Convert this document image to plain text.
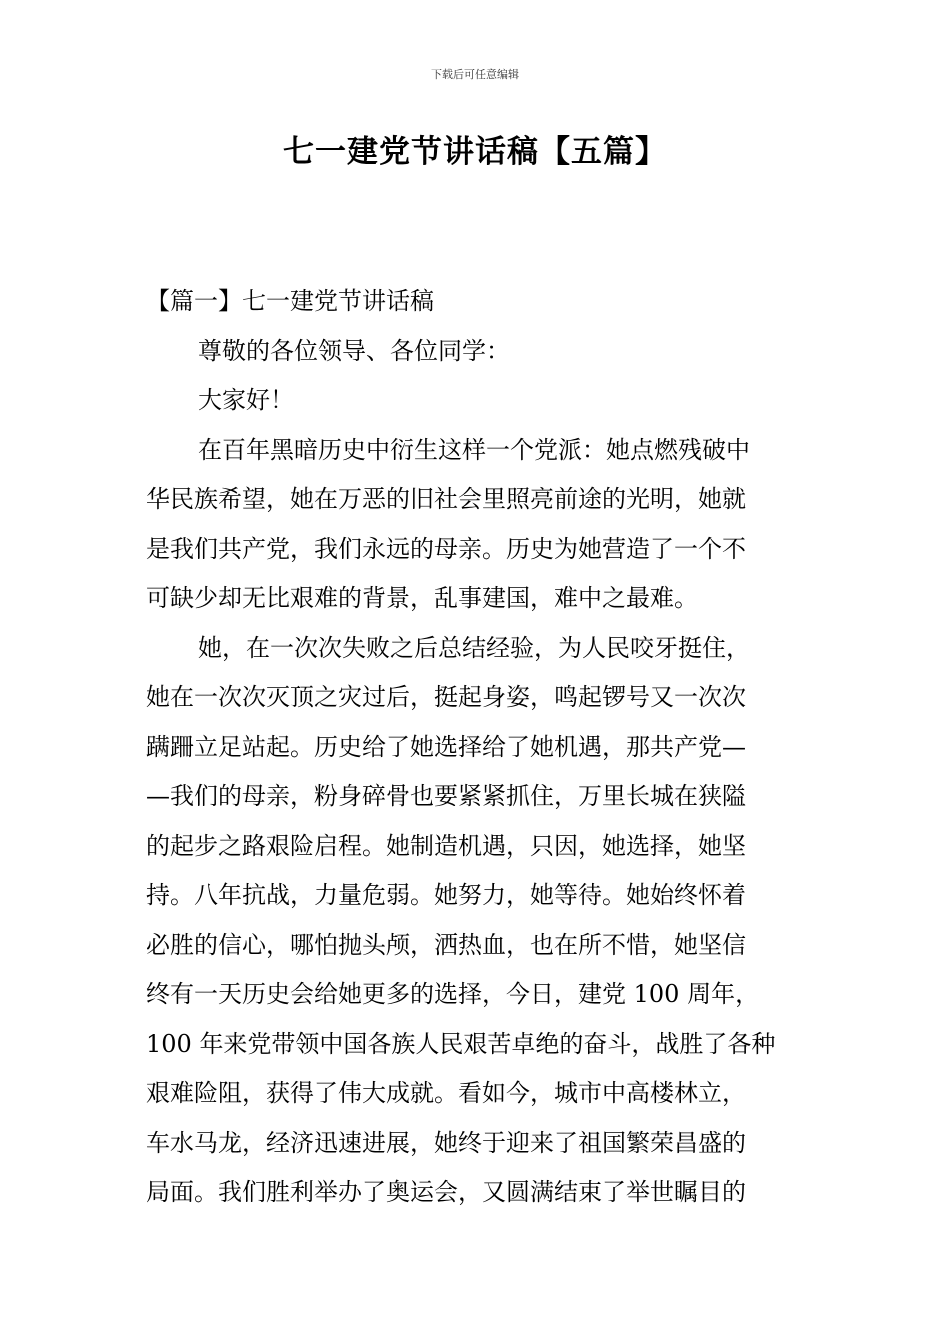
下载后可任意编辑
七一建党节讲话稿【五篇】
【篇一】七一建党节讲话稿
尊敬的各位领导、各位同学：
大家好！
在百年黑暗历史中衍生这样一个党派：她点燃残破中
华民族希望，她在万恶的旧社会里照亮前途的光明，她就
是我们共产党，我们永远的母亲。历史为她营造了一个不
可缺少却无比艰难的背景，乱事建国，难中之最难。
她，在一次次失败之后总结经验，为人民咬牙挺住，
她在一次次灭顶之灾过后，挺起身姿，鸣起锣号又一次次
蹒跚立足站起。历史给了她选择给了她机遇，那共产党—
—我们的母亲，粉身碎骨也要紧紧抓住，万里长城在狭隘
的起步之路艰险启程。她制造机遇，只因，她选择，她坚
持。八年抗战，力量危弱。她努力，她等待。她始终怀着
必胜的信心，哪怕抛头颅，洒热血，也在所不惜，她坚信
终有一天历史会给她更多的选择，今日，建党 100 周年，
100 年来党带领中国各族人民艰苦卓绝的奋斗，战胜了各种
艰难险阻，获得了伟大成就。看如今，城市中高楼林立，
车水马龙，经济迅速进展，她终于迎来了祖国繁荣昌盛的
局面。我们胜利举办了奥运会，又圆满结束了举世瞩目的
